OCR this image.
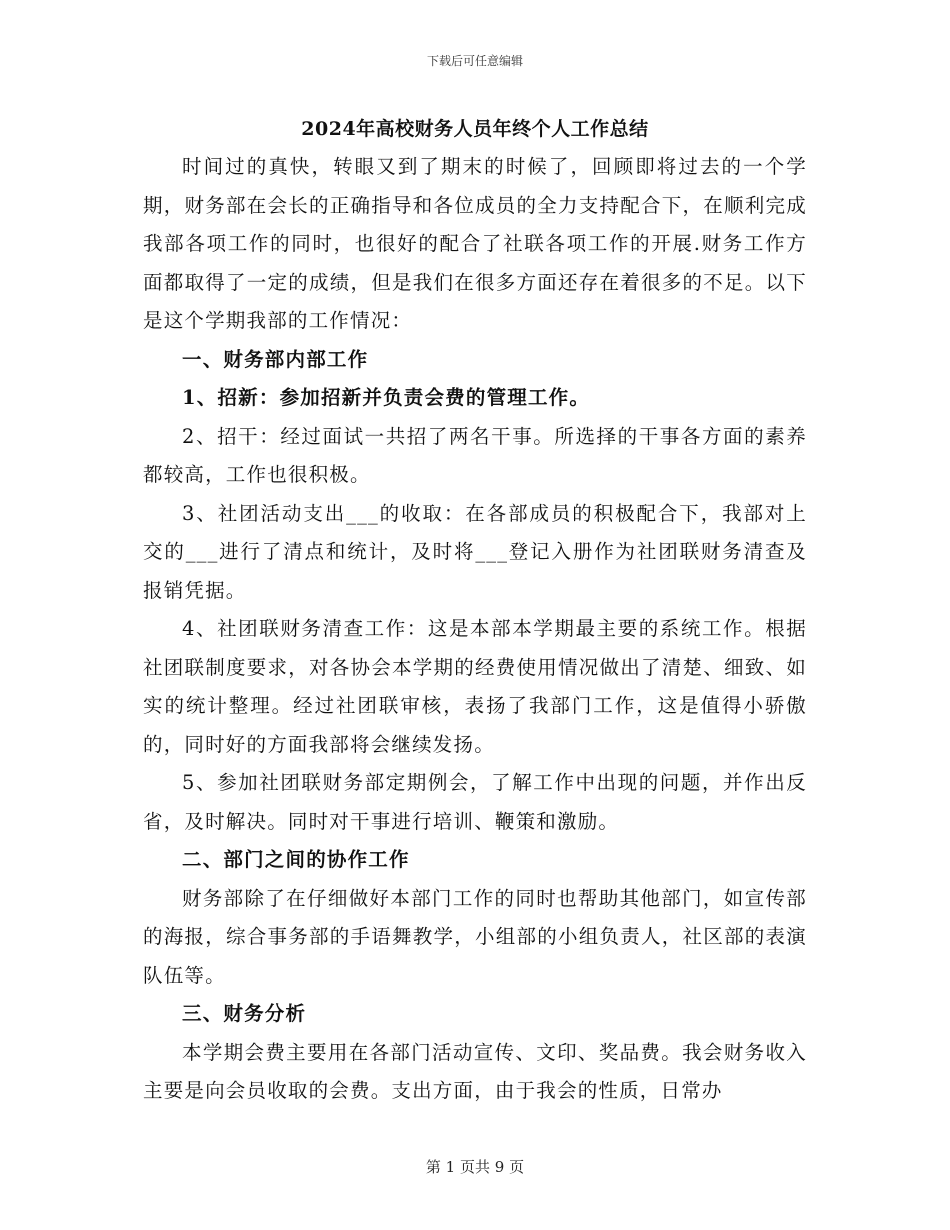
下载后可任意编辑
2024年高校财务人员年终个人工作总结

时间过的真快，转眼又到了期末的时候了，回顾即将过去的一个学期，财务部在会长的正确指导和各位成员的全力支持配合下，在顺利完成我部各项工作的同时，也很好的配合了社联各项工作的开展.财务工作方面都取得了一定的成绩，但是我们在很多方面还存在着很多的不足。以下是这个学期我部的工作情况：

一、财务部内部工作

1、招新：参加招新并负责会费的管理工作。

2、招干：经过面试一共招了两名干事。所选择的干事各方面的素养都较高，工作也很积极。

3、社团活动支出___的收取：在各部成员的积极配合下，我部对上交的___进行了清点和统计，及时将___登记入册作为社团联财务清查及报销凭据。

4、社团联财务清查工作：这是本部本学期最主要的系统工作。根据社团联制度要求，对各协会本学期的经费使用情况做出了清楚、细致、如实的统计整理。经过社团联审核，表扬了我部门工作，这是值得小骄傲的，同时好的方面我部将会继续发扬。

5、参加社团联财务部定期例会，了解工作中出现的问题，并作出反省，及时解决。同时对干事进行培训、鞭策和激励。

二、部门之间的协作工作

财务部除了在仔细做好本部门工作的同时也帮助其他部门，如宣传部的海报，综合事务部的手语舞教学，小组部的小组负责人，社区部的表演队伍等。

三、财务分析

本学期会费主要用在各部门活动宣传、文印、奖品费。我会财务收入主要是向会员收取的会费。支出方面，由于我会的性质，日常办

第 1 页共 9 页
